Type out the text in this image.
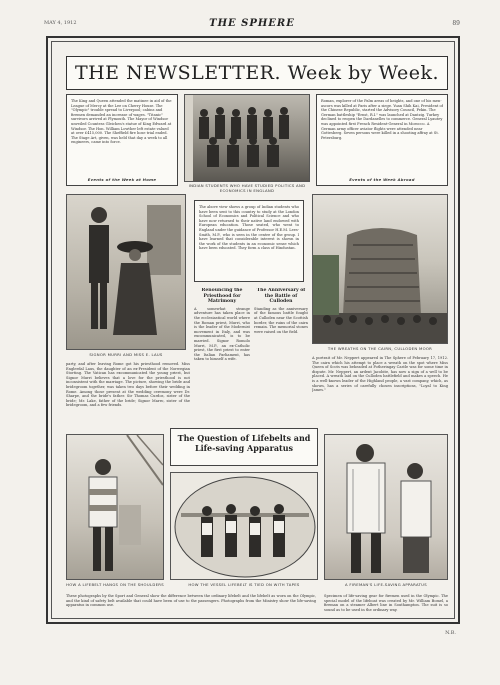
MAY 4, 1912	THE SPHERE	89
THE NEWSLETTER. Week by Week.
The King and Queen attended the matinee in aid of the League of Mercy at the Lee on Cherry House. The "Olympic" trouble spread to Liverpool; cabins and firemen demanded an increase of wages. "Titanic" survivors arrived at Plymouth. The Mayor of Windsor unveiled Countess Gleichen's statue of King Edward at Windsor. The Hon. William Lowther left estate valued at over £415,000. The Sheffield fire hose trial ended. The Stage Art, given, was held that day a week to all engineers, came into force.
Events of the Week at Home
INDIAN STUDENTS WHO HAVE STUDIED POLITICS AND ECONOMICS IN ENGLAND
Roman, explorer of the Palm areas of heights, and one of his men-ascors was killed at Paris after a siege. Yuan Shih Kai, President of the Chinese Republic, started the Advisory Council, Pekin. The German battleship "Ernst, R.I." was launched at Dantzig. Turkey declined to reopen the Dardanelles to commerce. General Lyautey was appointed first French Resident-General in Morocco. A German army officer aviator flights were attended near Gottesberg. Seven persons were killed in a shooting affray at St. Petersburg.
Events of the Week Abroad
SIGNOR MURRI AND MISS E. LAUS
The above view shows a group of Indian students who have been sent to this country to study at the London School of Economics and Political Science and who have now returned to their native land endowed with European education. Those seated, who went to England under the guidance of Professor H.E.M. Lees-Smith, M.P., who is seen in the centre of the group. I have learned that considerable interest is shown in the work of the students in an economic sense which have been educated. They form a class of Hindustan.
THE WREATHS ON THE CAIRN, CULLODEN MOOR
Renouncing the Priesthood for Matrimony
A somewhat strange adventure has taken place in the ecclesiastical world where the Roman priest, Murri, who is the leader of the Modernist movement in Italy, and was excommunicated, is to be married. Signor Romolo Murri, M.P., an ex-Catholic priest, the first priest to enter the Italian Parliament, has taken to himself a wife.
The Anniversary of the Battle of Culloden
Standing as the anniversary of the famous battle fought at Culloden near the Scottish border, the ruins of the cairn remain. The memorial stones were raised on the field.
party, and after leaving Rome got his priesthood removed. Miss Englerdal Laus, the daughter of an ex-President of the Norwegian Storting. The Vatican has excommunicated the young priest, but Signor Murri believes that a love for the priesthood is not inconsistent with the marriage. The picture, showing the bride and bridegroom together, was taken two days before their wedding in Rome. Among those present at the wedding ceremony were Dr. Sharpe, and the bride's father. Sir Thomas Curdos, sister of the bride; Mr. Lake, father of the bride; Signor Marro, sister of the bridegroom, and a few friends.
A portrait of Mr. Neppert appeared in The Sphere of February 17, 1912. The cairn which his attempt to place a wreath on the spot where Miss Queen of Scots was beheaded at Fotheringay Castle was for some time in dispute. Mr. Neppert, an ardent Jacobite, has now a sign of a well to be placed. A wreath laid on the Culloden battlefield and makes a speech. He is a well-known leader of the Highland people, a vast company, which, as shown, has a series of carefully chosen inscriptions, "Loyal to King James."
The Question of Lifebelts and Life-saving Apparatus
HOW A LIFEBELT HANGS ON THE SHOULDERS	HOW THE VESSEL LIFEBELT IS TIED ON WITH TAPES	A FIREMAN'S LIFE-SAVING APPARATUS
These photographs by the Sport and General show the difference between the ordinary lifebelt and the lifebelt as worn on the Olympic, and the kind of safety belt available that could have been of use to the passengers. Photographs from the Ministry show the life-saving apparatus in common use.
Specimen of life-saving gear for firemen used in the Olympic. The special model of the lifeboat was created by Mr. William Bomel, a fireman on a steamer Albert line in Southampton. The suit is so sound as to be used in the ordinary way.
N.B.
